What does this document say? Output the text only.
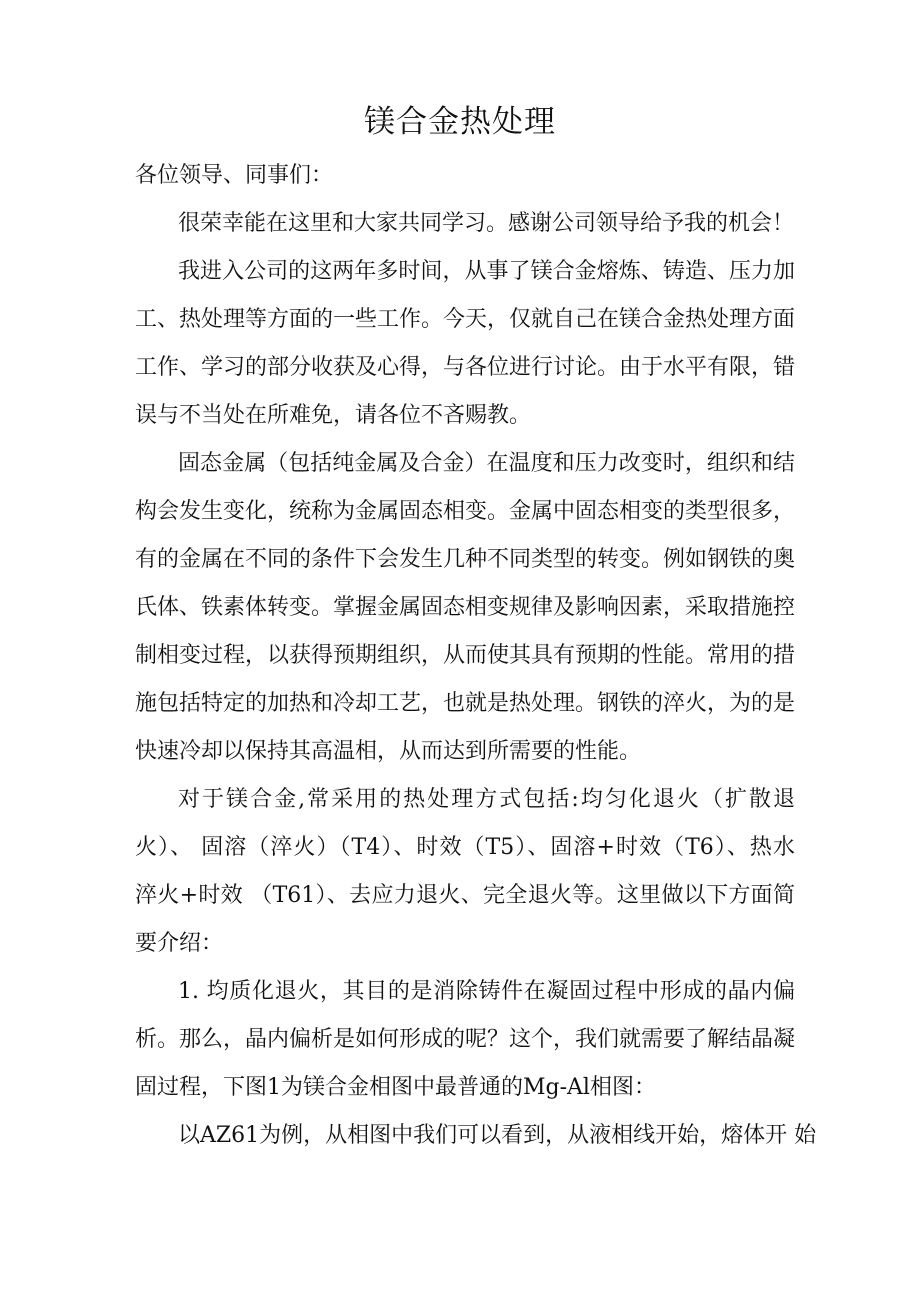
镁合金热处理
各位领导、同事们：
很荣幸能在这里和大家共同学习。感谢公司领导给予我的机会！
我进入公司的这两年多时间，从事了镁合金熔炼、铸造、压力加
工、热处理等方面的一些工作。今天，仅就自己在镁合金热处理方面
工作、学习的部分收获及心得，与各位进行讨论。由于水平有限，错
误与不当处在所难免，请各位不吝赐教。
固态金属（包括纯金属及合金）在温度和压力改变时，组织和结
构会发生变化，统称为金属固态相变。金属中固态相变的类型很多，
有的金属在不同的条件下会发生几种不同类型的转变。例如钢铁的奥
氏体、铁素体转变。掌握金属固态相变规律及影响因素，采取措施控
制相变过程，以获得预期组织，从而使其具有预期的性能。常用的措
施包括特定的加热和冷却工艺，也就是热处理。钢铁的淬火，为的是
快速冷却以保持其高温相，从而达到所需要的性能。
对于镁合金,常采用的热处理方式包括:均匀化退火（扩散退
火）、 固溶（淬火）（T4）、时效（T5）、固溶+时效（T6）、热水
淬火+时效 （T61）、去应力退火、完全退火等。这里做以下方面简
要介绍：
1. 均质化退火，其目的是消除铸件在凝固过程中形成的晶内偏
析。那么，晶内偏析是如何形成的呢？这个，我们就需要了解结晶凝
固过程，下图1为镁合金相图中最普通的Mg-Al相图：
以AZ61为例，从相图中我们可以看到，从液相线开始，熔体开 始
